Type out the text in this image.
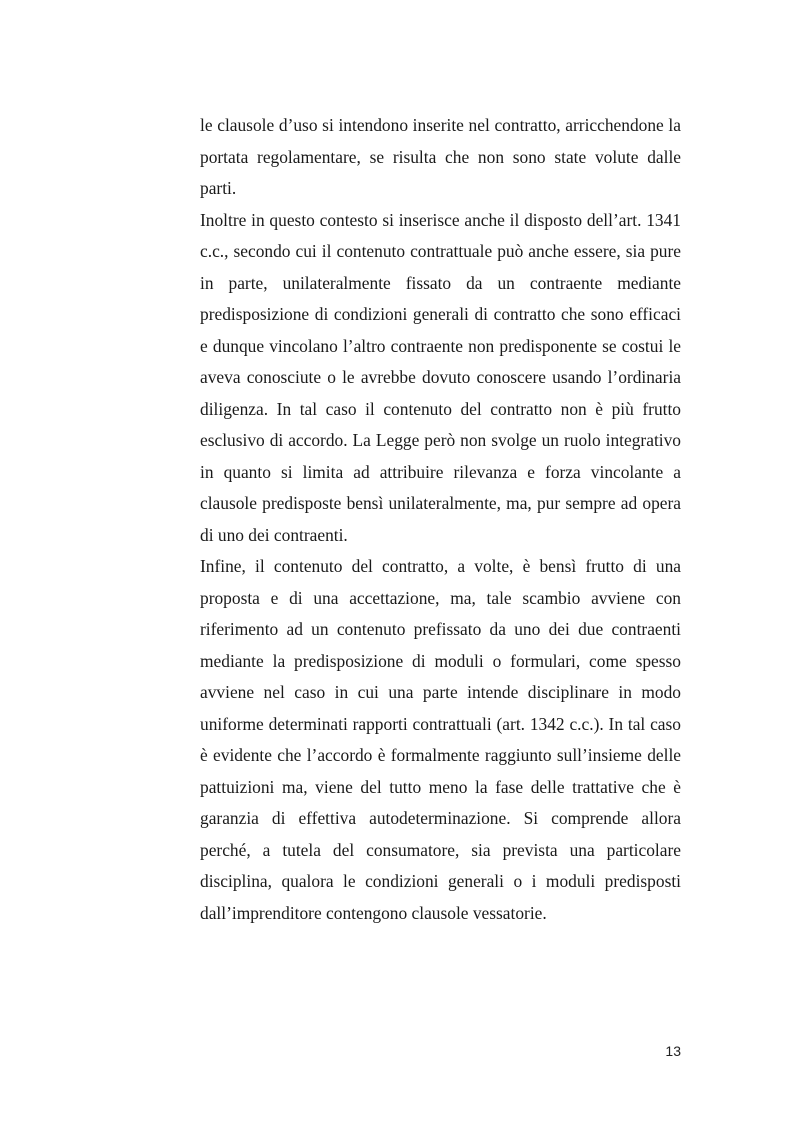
le clausole d’uso si intendono inserite nel contratto, arricchendone la portata regolamentare, se risulta che non sono state volute dalle parti.

Inoltre in questo contesto si inserisce anche il disposto dell’art. 1341 c.c., secondo cui il contenuto contrattuale può anche essere, sia pure in parte, unilateralmente fissato da un contraente mediante predisposizione di condizioni generali di contratto che sono efficaci e dunque vincolano l’altro contraente non predisponente se costui le aveva conosciute o le avrebbe dovuto conoscere usando l’ordinaria diligenza. In tal caso il contenuto del contratto non è più frutto esclusivo di accordo. La Legge però non svolge un ruolo integrativo in quanto si limita ad attribuire rilevanza e forza vincolante a clausole predisposte bensì unilateralmente, ma, pur sempre ad opera di uno dei contraenti.

Infine, il contenuto del contratto, a volte, è bensì frutto di una proposta e di una accettazione, ma, tale scambio avviene con riferimento ad un contenuto prefissato da uno dei due contraenti mediante la predisposizione di moduli o formulari, come spesso avviene nel caso in cui una parte intende disciplinare in modo uniforme determinati rapporti contrattuali (art. 1342 c.c.). In tal caso è evidente che l’accordo è formalmente raggiunto sull’insieme delle pattuizioni ma, viene del tutto meno la fase delle trattative che è garanzia di effettiva autodeterminazione. Si comprende allora perché, a tutela del consumatore, sia prevista una particolare disciplina, qualora le condizioni generali o i moduli predisposti dall’imprenditore contengono clausole vessatorie.

13
